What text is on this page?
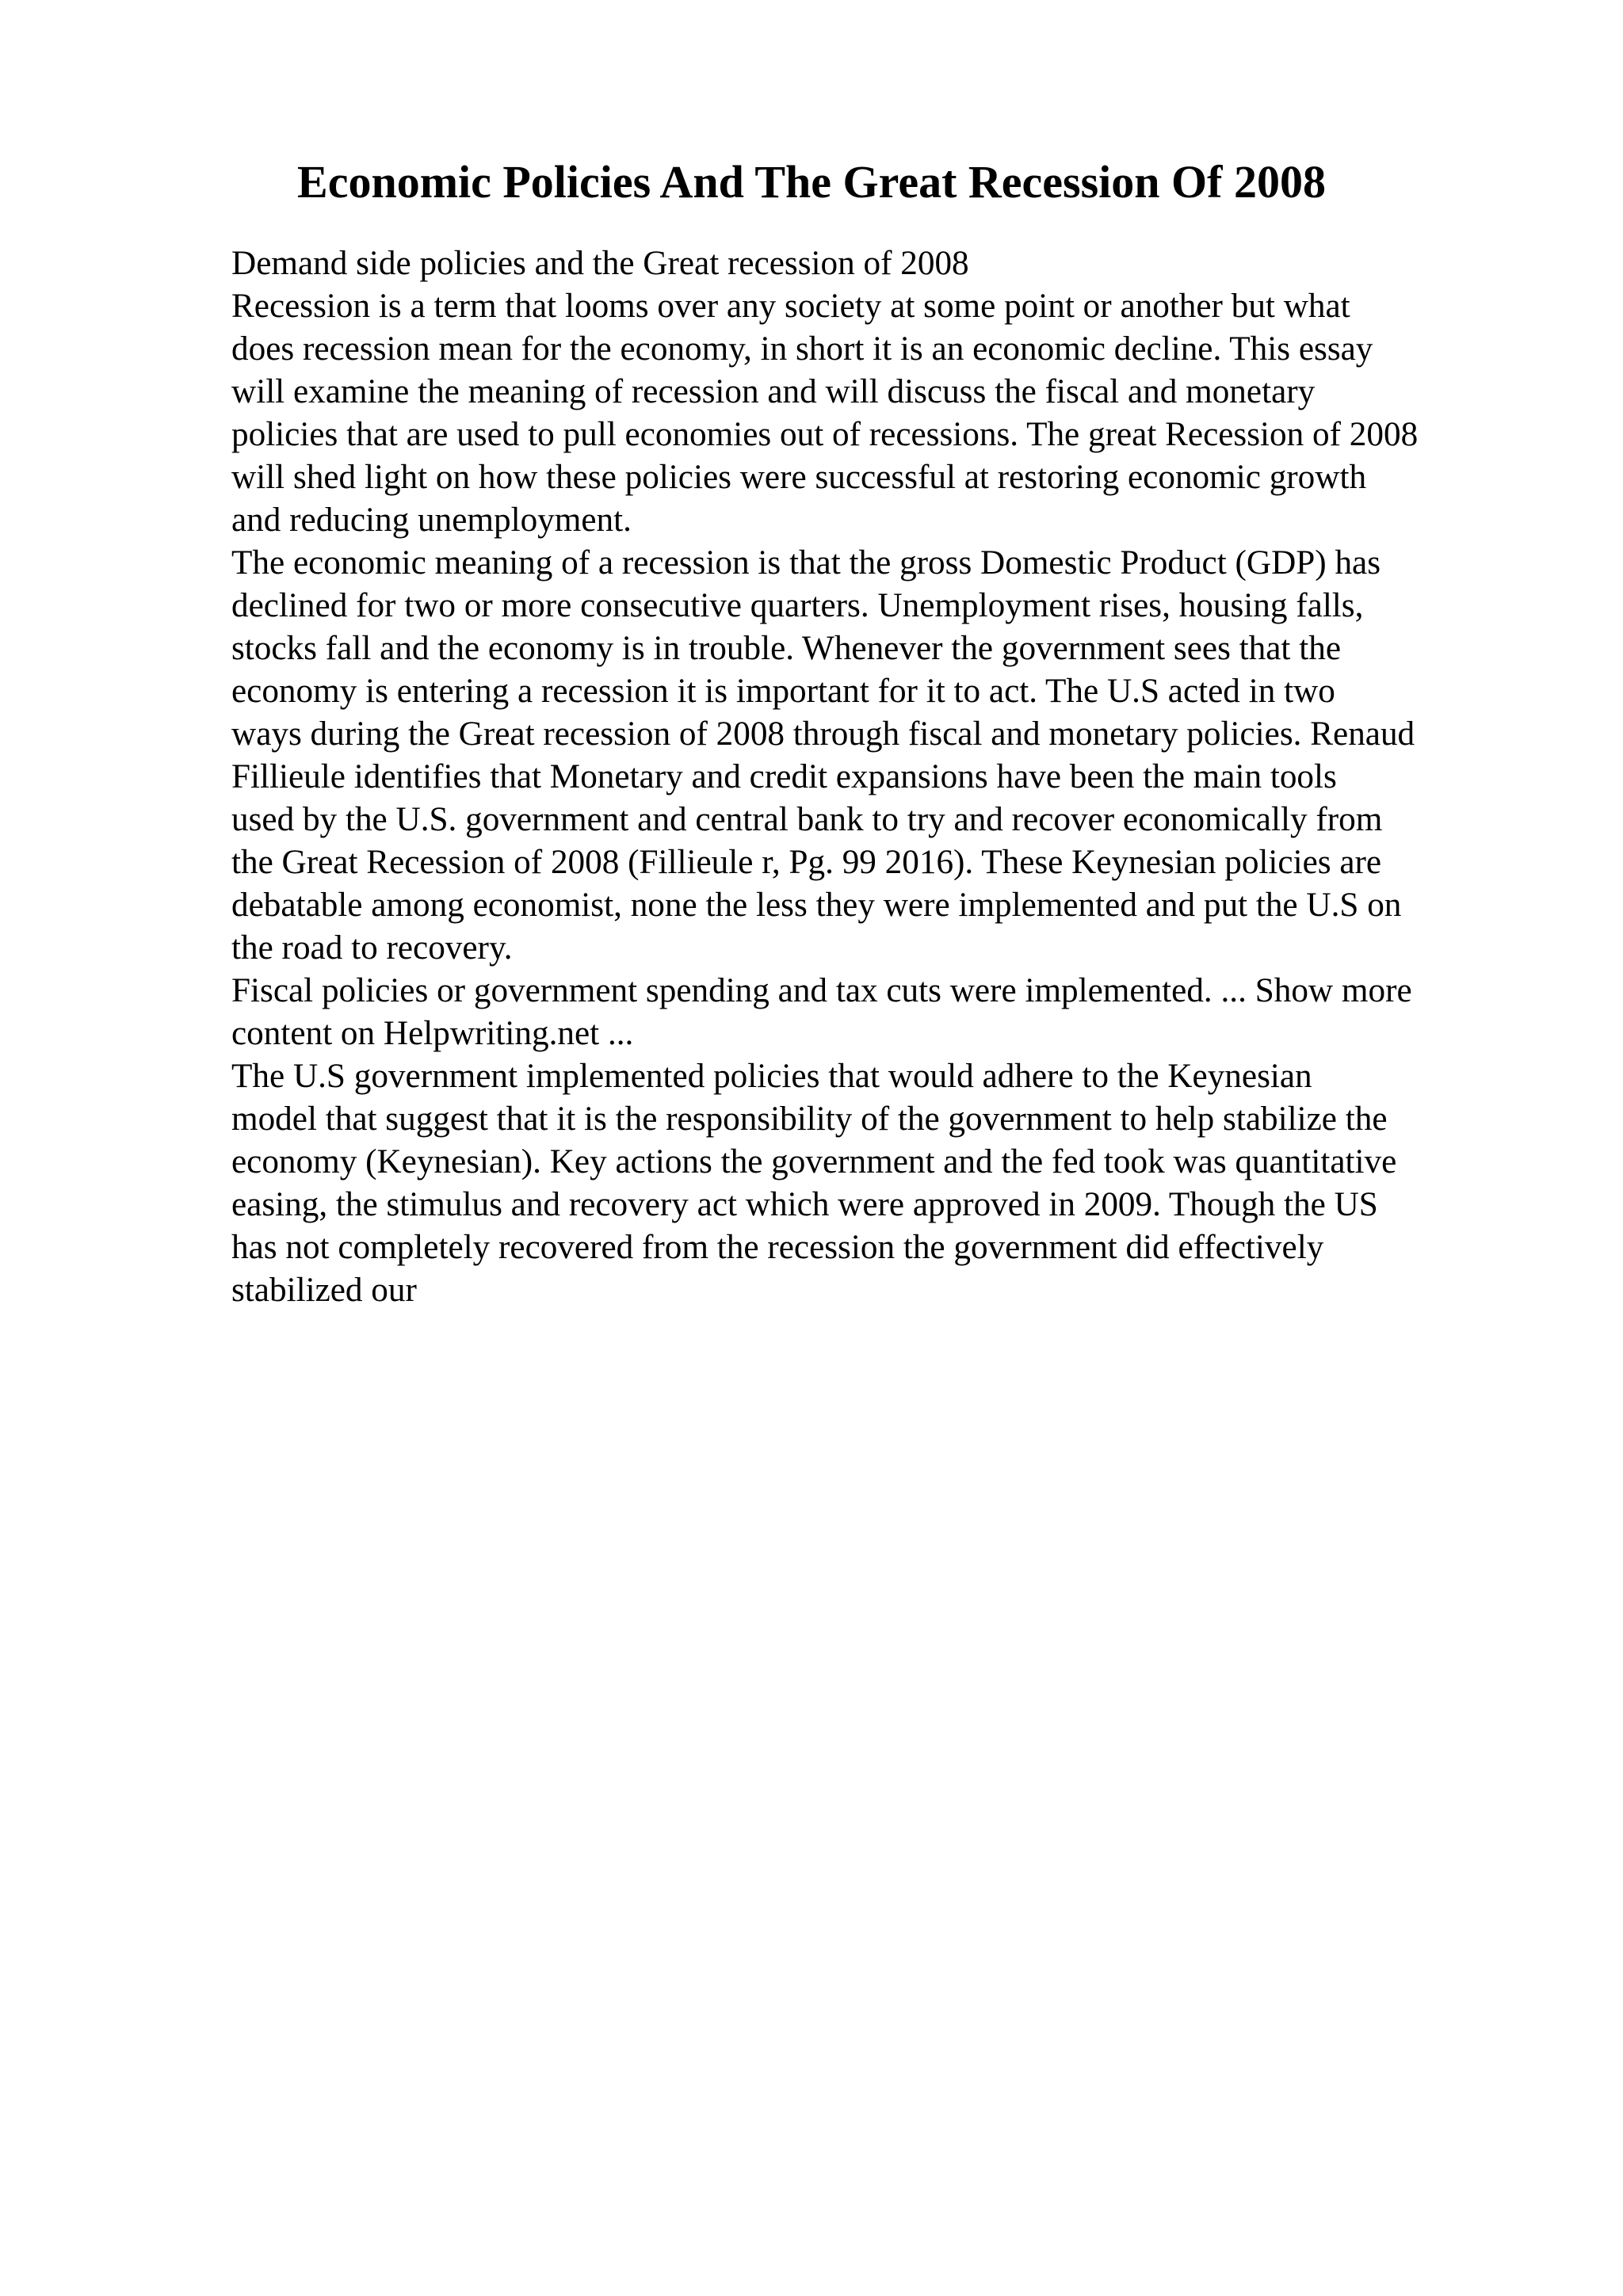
Economic Policies And The Great Recession Of 2008
Demand side policies and the Great recession of 2008
Recession is a term that looms over any society at some point or another but what
does recession mean for the economy, in short it is an economic decline. This essay
will examine the meaning of recession and will discuss the fiscal and monetary
policies that are used to pull economies out of recessions. The great Recession of 2008
will shed light on how these policies were successful at restoring economic growth
and reducing unemployment.
The economic meaning of a recession is that the gross Domestic Product (GDP) has
declined for two or more consecutive quarters. Unemployment rises, housing falls,
stocks fall and the economy is in trouble. Whenever the government sees that the
economy is entering a recession it is important for it to act. The U.S acted in two
ways during the Great recession of 2008 through fiscal and monetary policies. Renaud
Fillieule identifies that Monetary and credit expansions have been the main tools
used by the U.S. government and central bank to try and recover economically from
the Great Recession of 2008 (Fillieule r, Pg. 99 2016). These Keynesian policies are
debatable among economist, none the less they were implemented and put the U.S on
the road to recovery.
Fiscal policies or government spending and tax cuts were implemented. ... Show more
content on Helpwriting.net ...
The U.S government implemented policies that would adhere to the Keynesian
model that suggest that it is the responsibility of the government to help stabilize the
economy (Keynesian). Key actions the government and the fed took was quantitative
easing, the stimulus and recovery act which were approved in 2009. Though the US
has not completely recovered from the recession the government did effectively
stabilized our
